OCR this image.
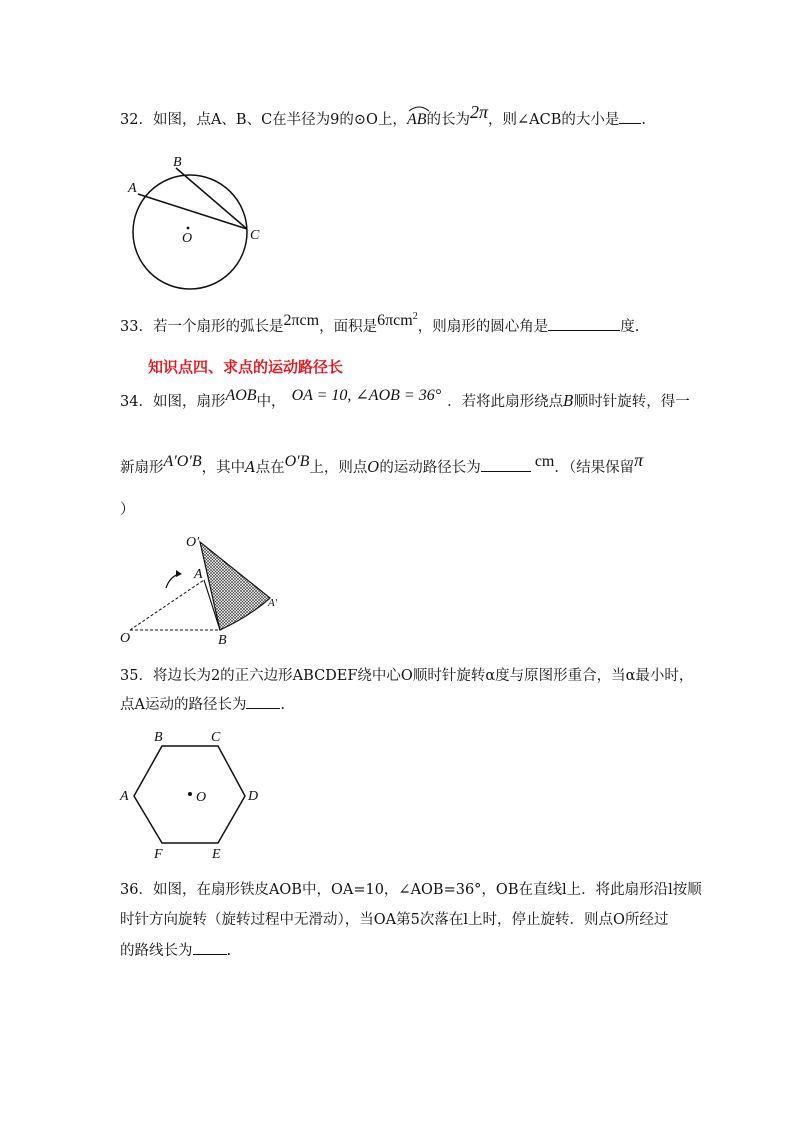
32．如图，点A、B、C在半径为9的⊙O上，
AB的长为2π，则∠ACB的大小是 .
A
B
C
O
33．若一个扇形的弧长是2πcm，面积是6πcm$^2$，则扇形的圆心角是	度.
知识点四、求点的运动路径长
34．如图，扇形AOB中， OA = 10, ∠AOB = 36° ．若将此扇形绕点B顺时针旋转，得一
新扇形A′O′B，其中A点在O′B上，则点O的运动路径长为	cm．（结果保留π
）
O′
A
A′
O	B
35．将边长为2的正六边形ABCDEF绕中心O顺时针旋转α度与原图形重合，当α最小时，
点A运动的路径长为 .
A
B	C
D
E
F
O
36．如图，在扇形铁皮AOB中，OA=10，∠AOB=36°，OB在直线l上．将此扇形沿l按顺
时针方向旋转（旋转过程中无滑动），当OA第5次落在l上时，停止旋转．则点O所经过
的路线长为 .
